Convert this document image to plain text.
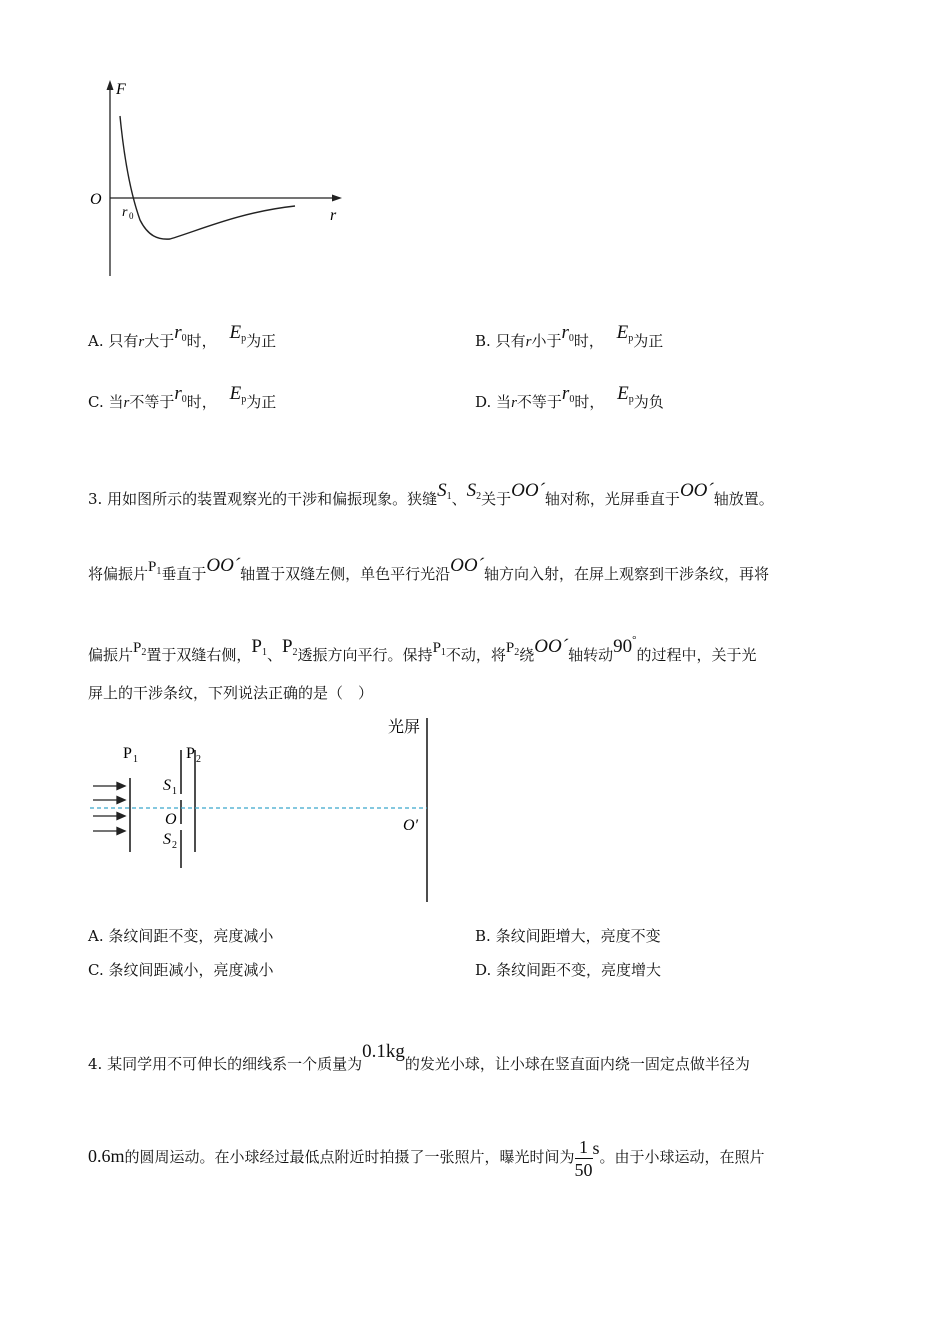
F
O
r 0	r
A. 只有r大于$r_0$时， $E_p$为正	B. 只有r小于$r_0$时， $E_p$为正
C. 当r不等于$r_0$时， $E_p$为正	D. 当r不等于$r_0$时， $E_p$为负
3. 用如图所示的装置观察光的干涉和偏振现象。狭缝$S_1$、$S_2$关于OO´轴对称，光屏垂直于OO´轴放置。
将偏振片$P_1$垂直于OO´轴置于双缝左侧，单色平行光沿OO´轴方向入射，在屏上观察到干涉条纹，再将
偏振片$P_2$置于双缝右侧，$P_1$、$P_2$透振方向平行。保持$P_1$不动，将$P_2$绕OO´轴转动90°的过程中，关于光
屏上的干涉条纹，下列说法正确的是（　）
光屏
P 1	P 2
S 1
O
S 2
O′
A. 条纹间距不变，亮度减小	B. 条纹间距增大，亮度不变
C. 条纹间距减小，亮度减小	D. 条纹间距不变，亮度增大
4. 某同学用不可伸长的细线系一个质量为0.1kg的发光小球，让小球在竖直面内绕一固定点做半径为
0.6m的圆周运动。在小球经过最低点附近时拍摄了一张照片，曝光时间为 $\frac{1}{50}$ s。由于小球运动，在照片
